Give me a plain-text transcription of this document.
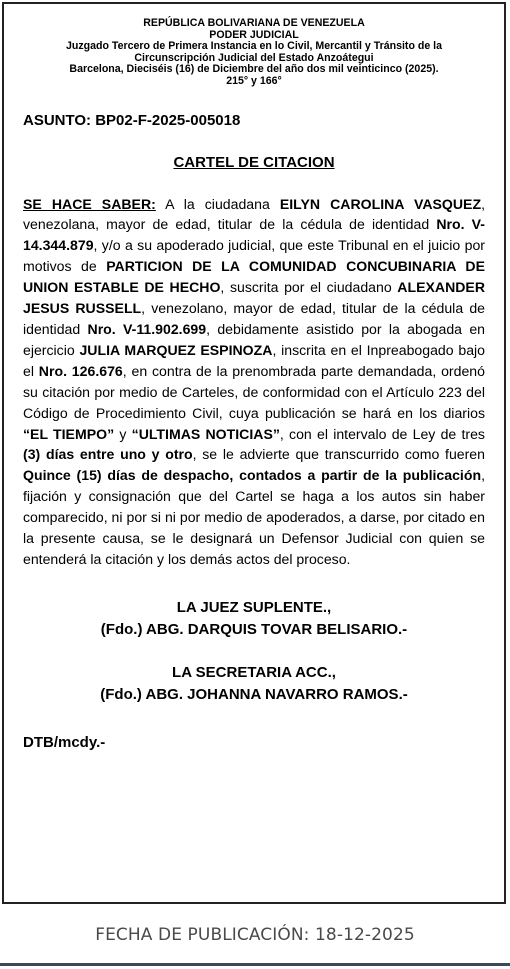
REPÚBLICA BOLIVARIANA DE VENEZUELA
PODER JUDICIAL
Juzgado Tercero de Primera Instancia en lo Civil, Mercantil y Tránsito de la
Circunscripción Judicial del Estado Anzoátegui
Barcelona, Dieciséis (16) de Diciembre del año dos mil veinticinco (2025).
215° y 166°
ASUNTO: BP02-F-2025-005018
CARTEL DE CITACION
SE HACE SABER: A la ciudadana EILYN CAROLINA VASQUEZ, venezolana, mayor de edad, titular de la cédula de identidad Nro. V-14.344.879, y/o a su apoderado judicial, que este Tribunal en el juicio por motivos de PARTICION DE LA COMUNIDAD CONCUBINARIA DE UNION ESTABLE DE HECHO, suscrita por el ciudadano ALEXANDER JESUS RUSSELL, venezolano, mayor de edad, titular de la cédula de identidad Nro. V-11.902.699, debidamente asistido por la abogada en ejercicio JULIA MARQUEZ ESPINOZA, inscrita en el Inpreabogado bajo el Nro. 126.676, en contra de la prenombrada parte demandada, ordenó su citación por medio de Carteles, de conformidad con el Artículo 223 del Código de Procedimiento Civil, cuya publicación se hará en los diarios “EL TIEMPO” y “ULTIMAS NOTICIAS”, con el intervalo de Ley de tres (3) días entre uno y otro, se le advierte que transcurrido como fueren Quince (15) días de despacho, contados a partir de la publicación, fijación y consignación que del Cartel se haga a los autos sin haber comparecido, ni por si ni por medio de apoderados, a darse, por citado en la presente causa, se le designará un Defensor Judicial con quien se entenderá la citación y los demás actos del proceso.
LA JUEZ SUPLENTE.,
(Fdo.) ABG. DARQUIS TOVAR BELISARIO.-
LA SECRETARIA ACC.,
(Fdo.) ABG. JOHANNA NAVARRO RAMOS.-
DTB/mcdy.-
FECHA DE PUBLICACIÓN: 18-12-2025
